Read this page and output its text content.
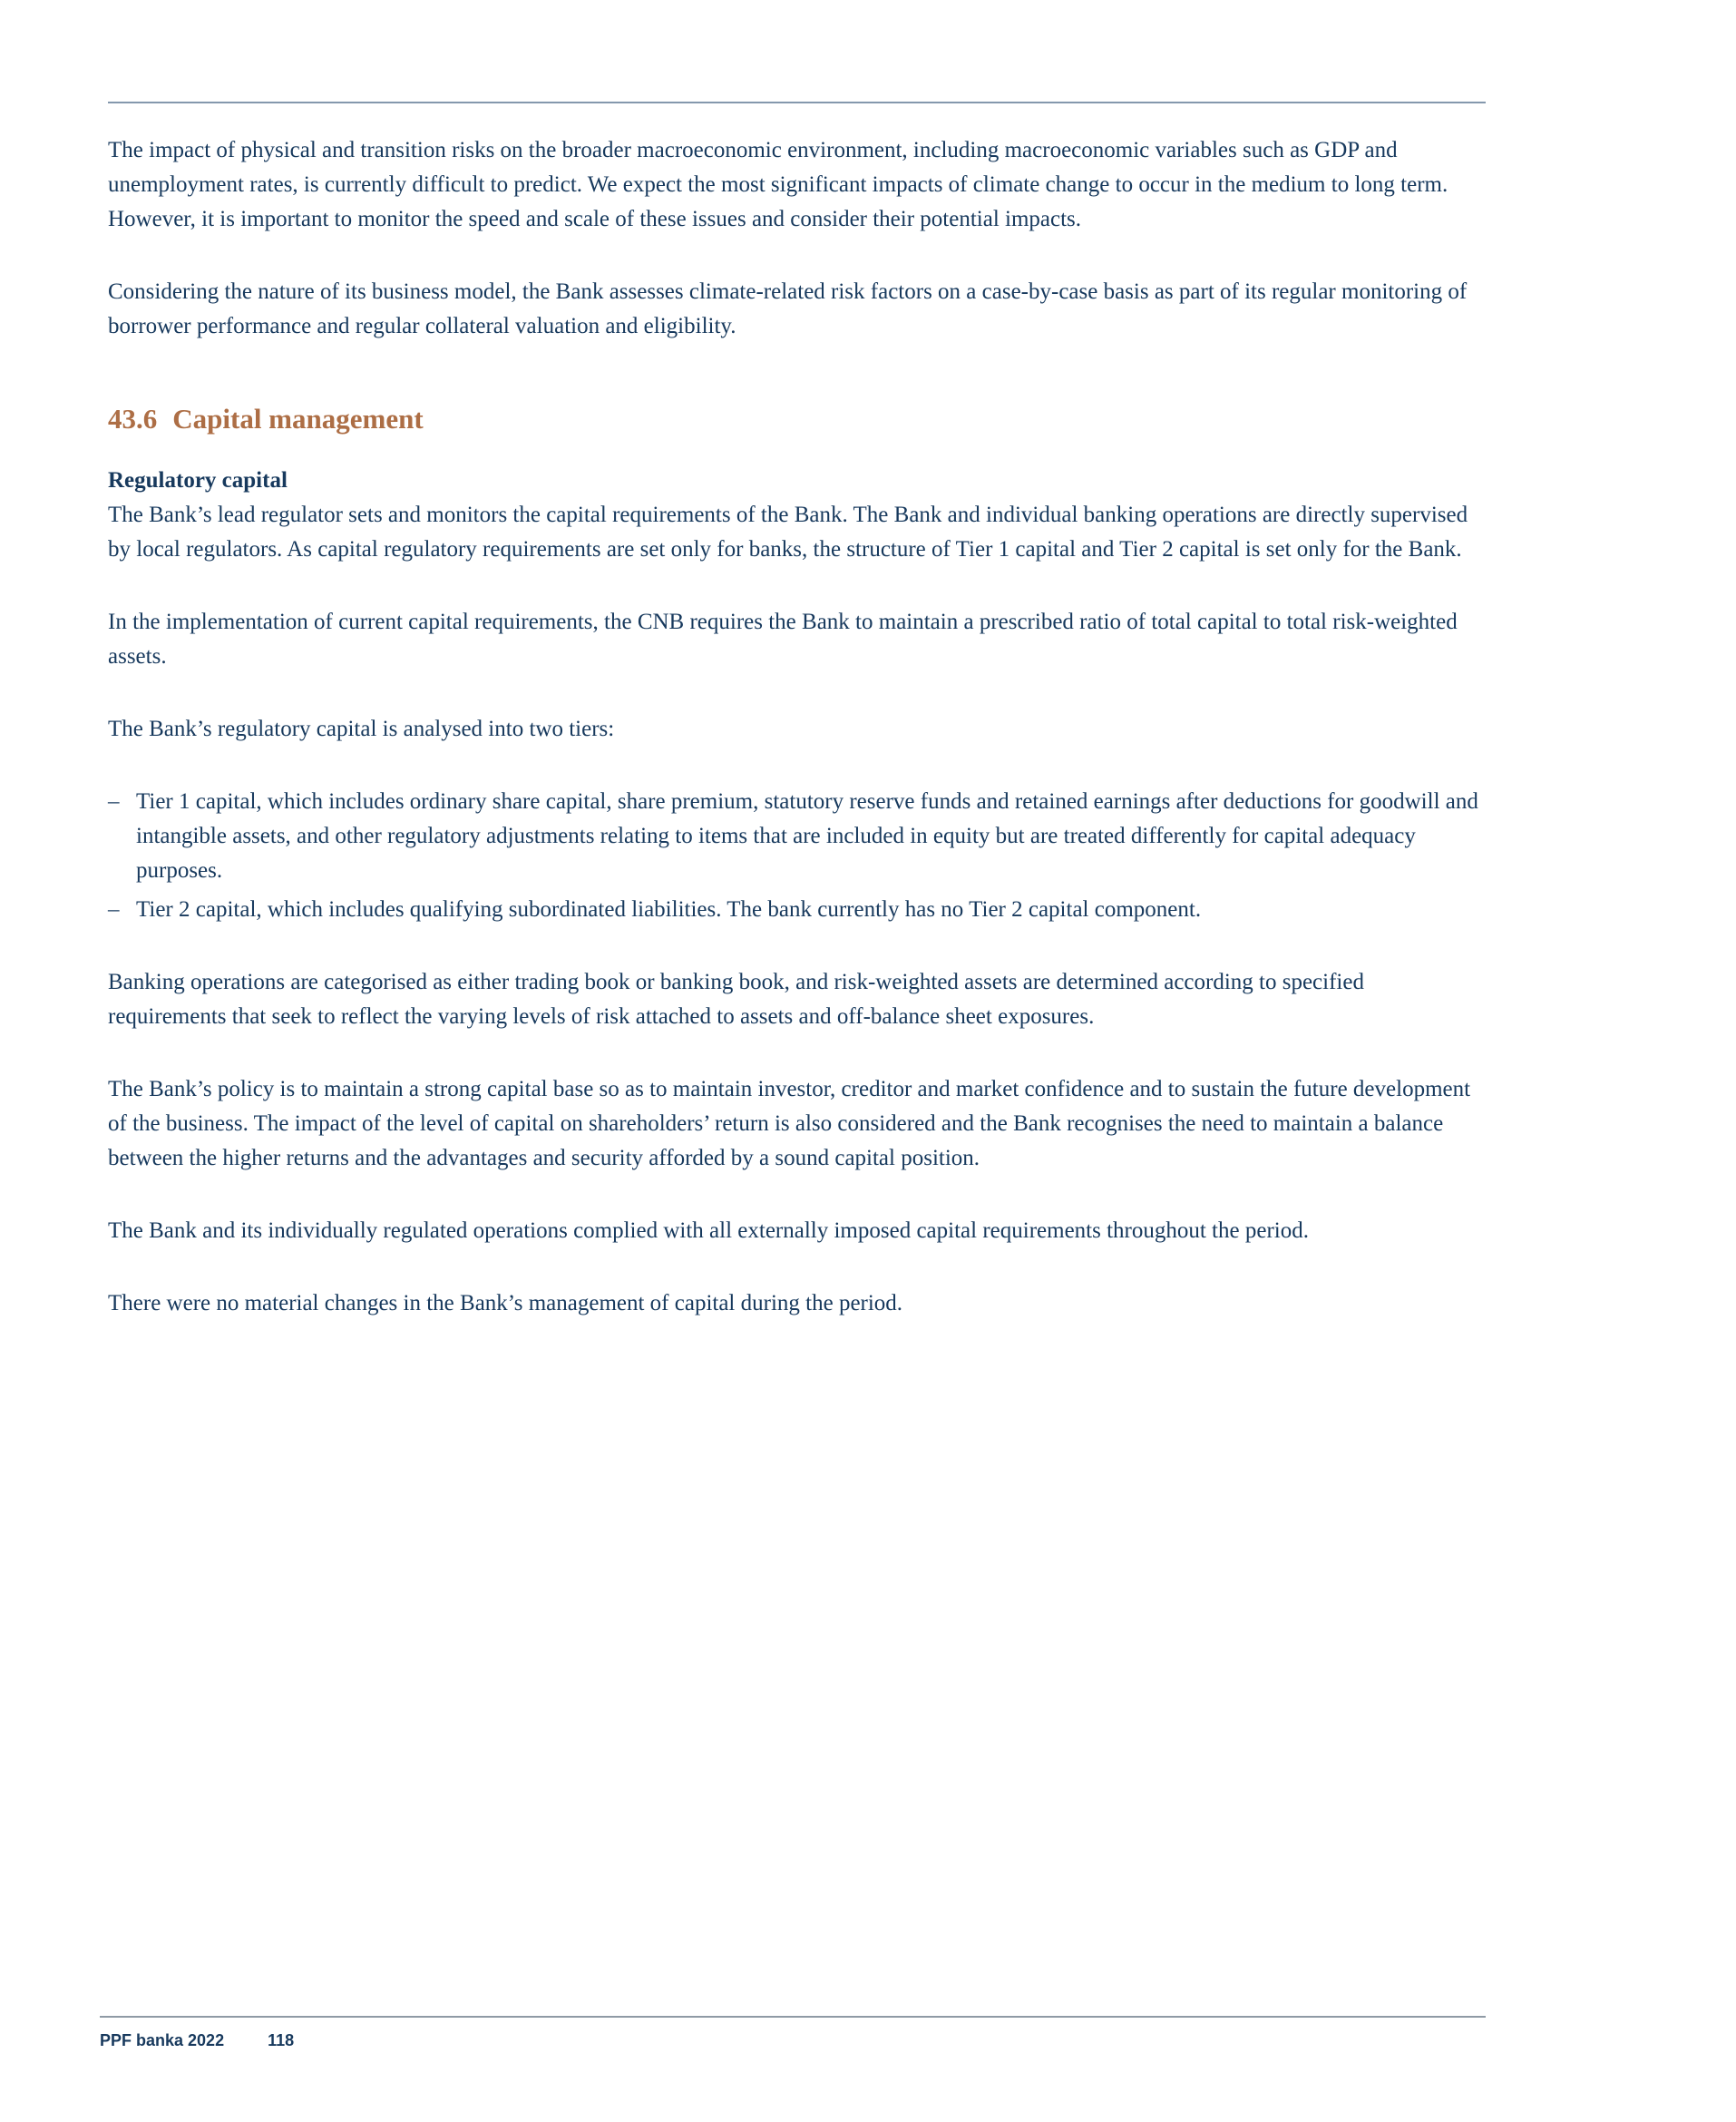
The impact of physical and transition risks on the broader macroeconomic environment, including macroeconomic variables such as GDP and unemployment rates, is currently difficult to predict. We expect the most significant impacts of climate change to occur in the medium to long term. However, it is important to monitor the speed and scale of these issues and consider their potential impacts.

Considering the nature of its business model, the Bank assesses climate-related risk factors on a case-by-case basis as part of its regular monitoring of borrower performance and regular collateral valuation and eligibility.

43.6 Capital management
Regulatory capital

The Bank’s lead regulator sets and monitors the capital requirements of the Bank. The Bank and individual banking operations are directly supervised by local regulators. As capital regulatory requirements are set only for banks, the structure of Tier 1 capital and Tier 2 capital is set only for the Bank.

In the implementation of current capital requirements, the CNB requires the Bank to maintain a prescribed ratio of total capital to total risk-weighted assets.

The Bank’s regulatory capital is analysed into two tiers:

– Tier 1 capital, which includes ordinary share capital, share premium, statutory reserve funds and retained earnings after deductions for goodwill and intangible assets, and other regulatory adjustments relating to items that are included in equity but are treated differently for capital adequacy purposes.
– Tier 2 capital, which includes qualifying subordinated liabilities. The bank currently has no Tier 2 capital component.

Banking operations are categorised as either trading book or banking book, and risk-weighted assets are determined according to specified requirements that seek to reflect the varying levels of risk attached to assets and off-balance sheet exposures.

The Bank’s policy is to maintain a strong capital base so as to maintain investor, creditor and market confidence and to sustain the future development of the business. The impact of the level of capital on shareholders’ return is also considered and the Bank recognises the need to maintain a balance between the higher returns and the advantages and security afforded by a sound capital position.

The Bank and its individually regulated operations complied with all externally imposed capital requirements throughout the period.

There were no material changes in the Bank’s management of capital during the period.

PPF banka 2022	118
